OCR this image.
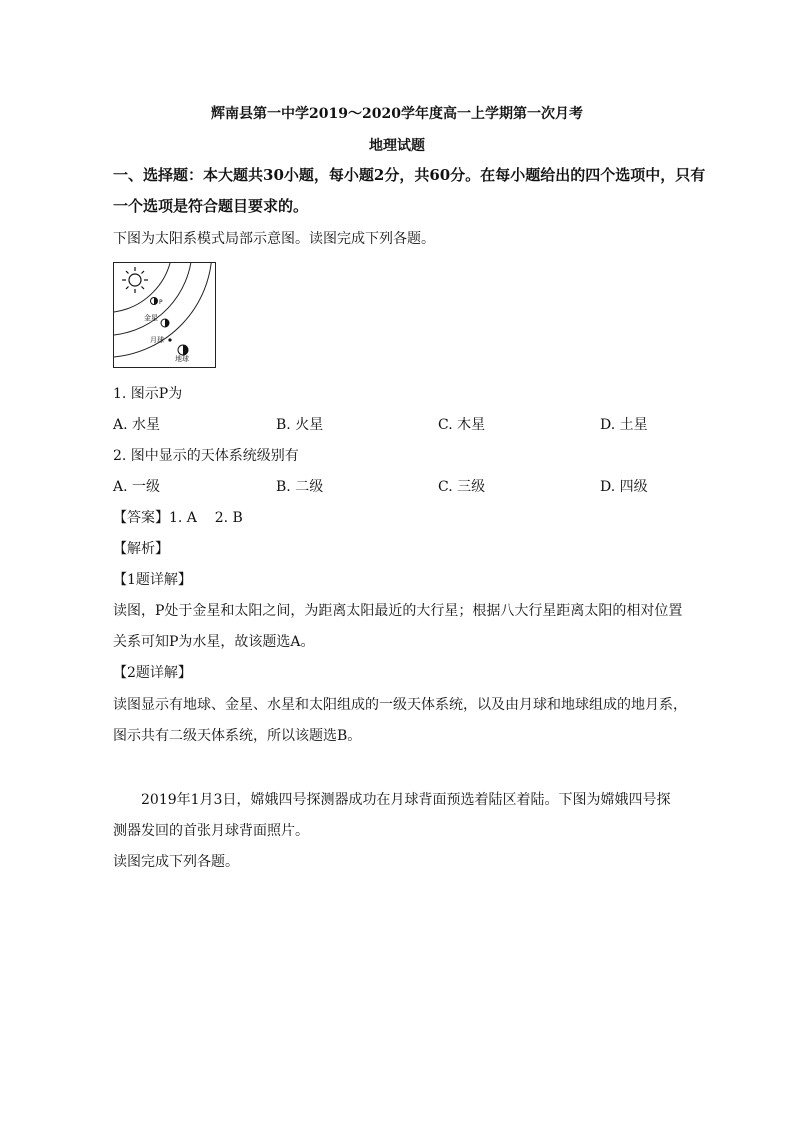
辉南县第一中学2019～2020学年度高一上学期第一次月考
地理试题
一、选择题：本大题共30小题，每小题2分，共60分。在每小题给出的四个选项中，只有
一个选项是符合题目要求的。
下图为太阳系模式局部示意图。读图完成下列各题。
P
金星
月球
地球
1. 图示P为
A. 水星	B. 火星	C. 木星	D. 土星
2. 图中显示的天体系统级别有
A. 一级	B. 二级	C. 三级	D. 四级
【答案】1. A    2. B
【解析】
【1题详解】
读图，P处于金星和太阳之间，为距离太阳最近的大行星；根据八大行星距离太阳的相对位置
关系可知P为水星，故该题选A。
【2题详解】
读图显示有地球、金星、水星和太阳组成的一级天体系统，以及由月球和地球组成的地月系，
图示共有二级天体系统，所以该题选B。
2019年1月3日，嫦娥四号探测器成功在月球背面预选着陆区着陆。下图为嫦娥四号探
测器发回的首张月球背面照片。
读图完成下列各题。
